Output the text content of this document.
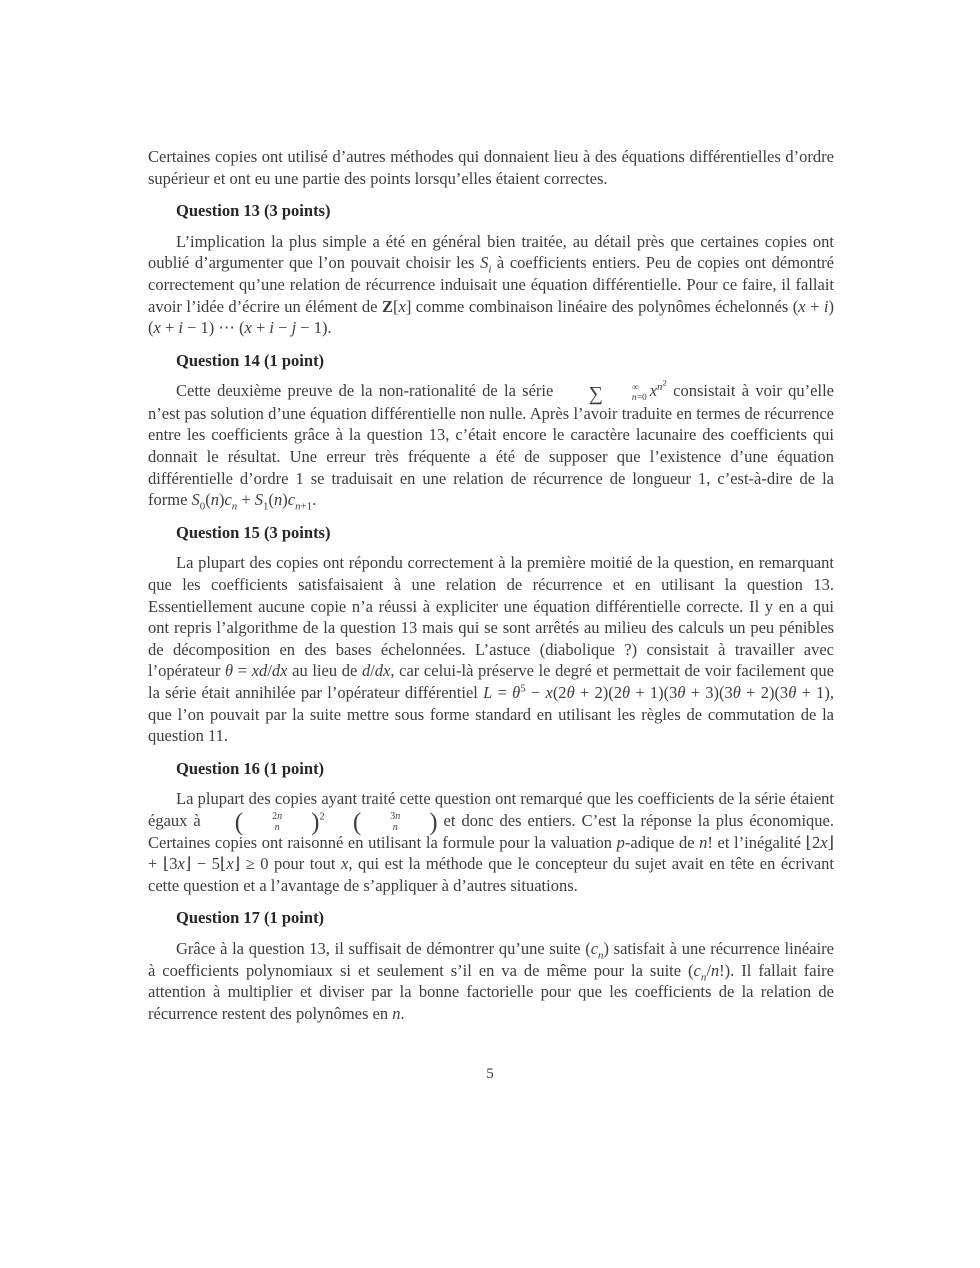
Certaines copies ont utilisé d’autres méthodes qui donnaient lieu à des équations différentielles d’ordre supérieur et ont eu une partie des points lorsqu’elles étaient correctes.

Question 13 (3 points)

L’implication la plus simple a été en général bien traitée, au détail près que certaines copies ont oublié d’argumenter que l’on pouvait choisir les $S_i$ à coefficients entiers. Peu de copies ont démontré correctement qu’une relation de récurrence induisait une équation différentielle. Pour ce faire, il fallait avoir l’idée d’écrire un élément de Z[x] comme combinaison linéaire des polynômes échelonnés (x + i)(x + i − 1) ⋯ (x + i − j − 1).

Question 14 (1 point)

Cette deuxième preuve de la non-rationalité de la série	∑	∞
n=0 $x^{n^2}$ consistait à voir qu’elle n’est pas solution d’une équation différentielle non nulle. Après l’avoir traduite en termes de récurrence entre les coefficients grâce à la question 13, c’était encore le caractère lacunaire des coefficients qui donnait le résultat. Une erreur très fréquente a été de supposer que l’existence d’une équation différentielle d’ordre 1 se traduisait en une relation de récurrence de longueur 1, c’est-à-dire de la forme $S_0(n)c_n + S_1(n)c_{n+1}$.

Question 15 (3 points)

La plupart des copies ont répondu correctement à la première moitié de la question, en remarquant que les coefficients satisfaisaient à une relation de récurrence et en utilisant la question 13. Essentiellement aucune copie n’a réussi à expliciter une équation différentielle correcte. Il y en a qui ont repris l’algorithme de la question 13 mais qui se sont arrêtés au milieu des calculs un peu pénibles de décomposition en des bases échelonnées. L’astuce (diabolique ?) consistait à travailler avec l’opérateur θ = xd/dx au lieu de d/dx, car celui-là préserve le degré et permettait de voir facilement que la série était annihilée par l’opérateur différentiel $L = \theta^5 - x(2\theta + 2)(2\theta + 1)(3\theta + 3)(3\theta + 2)(3\theta + 1)$, que l’on pouvait par la suite mettre sous forme standard en utilisant les règles de commutation de la question 11.

Question 16 (1 point)

La plupart des copies ayant traité cette question ont remarqué que les coefficients de la série étaient égaux à	(	2n
n	) $^2$	(	3n
n	) et donc des entiers. C’est la réponse la plus économique. Certaines copies ont raisonné en utilisant la formule pour la valuation p-adique de n! et l’inégalité ⌊2x⌋ + ⌊3x⌋ − 5⌊x⌋ ≥ 0 pour tout x, qui est la méthode que le concepteur du sujet avait en tête en écrivant cette question et a l’avantage de s’appliquer à d’autres situations.

Question 17 (1 point)

Grâce à la question 13, il suffisait de démontrer qu’une suite $(c_n)$ satisfait à une récurrence linéaire à coefficients polynomiaux si et seulement s’il en va de même pour la suite $(c_n/n!)$. Il fallait faire attention à multiplier et diviser par la bonne factorielle pour que les coefficients de la relation de récurrence restent des polynômes en n.

5
